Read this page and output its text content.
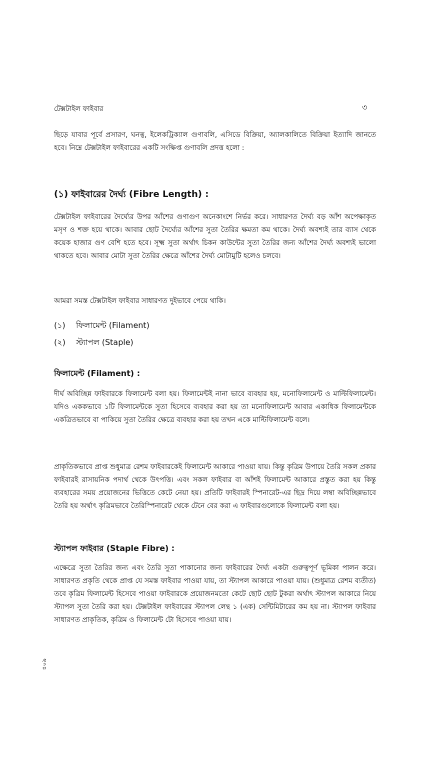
টেক্সটাইল ফাইবার	৩
ছিড়ে যাবার পূর্বে প্রসারণ, ঘনত্ব, ইলেকট্রিক্যাল গুণাবলি, এসিডে বিক্রিয়া, অ্যালকালিতে বিক্রিয়া ইত্যাদি জানতে হবে। নিম্নে টেক্সটাইল ফাইবারের একটি সংক্ষিপ্ত গুণাবলি প্রদত্ত হলো :
(১) ফাইবারের দৈর্ঘ্য (Fibre Length) :
টেক্সটাইল ফাইবারের দৈর্ঘ্যের উপর আঁশের গুণাগুণ অনেকাংশে নির্ভর করে। সাধারণত দৈর্ঘ্য বড় আঁশ অপেক্ষাকৃত মসৃণ ও শক্ত হয়ে থাকে। আবার ছোট দৈর্ঘ্যের আঁশের সুতা তৈরির ক্ষমতা কম থাকে। দৈর্ঘ্য অবশ্যই তার ব্যাস থেকে কয়েক হাজার গুণ বেশি হতে হবে। সূক্ষ্ম সুতা অর্থাৎ চিকন কাউন্টের সুতা তৈরির জন্য আঁশের দৈর্ঘ্য অবশ্যই ভালো থাকতে হবে। আবার মোটা সুতা তৈরির ক্ষেত্রে আঁশের দৈর্ঘ্য মোটামুটি হলেও চলবে।
আমরা সমস্ত টেক্সটাইল ফাইবার সাধারণত দুইভাবে পেয়ে থাকি।
(১) ফিলামেন্ট (Filament)
(২) স্ট্যাপল (Staple)
ফিলামেন্ট (Filament) :
দীর্ঘ অবিচ্ছিন্ন ফাইবারকে ফিলামেন্ট বলা হয়। ফিলামেন্টই নানা ভাবে ব্যবহার হয়, মনোফিলামেন্ট ও মাল্টিফিলামেন্ট। যদিও এককভাবে ১টি ফিলামেন্টকে সুতা হিসেবে ব্যবহার করা হয় তা মনোফিলামেন্ট আবার একাধিক ফিলামেন্টকে একত্রিতভাবে বা পাকিয়ে সুতা তৈরির ক্ষেত্রে ব্যবহার করা হয় তখন একে মাল্টিফিলামেন্ট বলে।
প্রাকৃতিকভাবে প্রাপ্ত শুধুমাত্র রেশম ফাইবারকেই ফিলামেন্ট আকারে পাওয়া যায়। কিন্তু কৃত্রিম উপায়ে তৈরি সকল প্রকার ফাইবারই রাসায়নিক পদার্থ থেকে উৎপত্তি। এবং সকল ফাইবার বা আঁশই ফিলামেন্ট আকারে প্রস্তুত করা হয় কিন্তু ব্যবহারের সময় প্রয়োজনের ভিত্তিতে কেটে নেয়া হয়। প্রতিটি ফাইবারই স্পিনারেট-এর ছিদ্র দিয়ে লম্বা অবিচ্ছিন্নভাবে তৈরি হয় অর্থাৎ কৃত্রিমভাবে তৈরিস্পিনারেট থেকে টেনে বের করা এ ফাইবারগুলোকে ফিলামেন্ট বলা হয়।
স্ট্যাপল ফাইবার (Staple Fibre) :
এক্ষেত্রে সুতা তৈরির জন্য এবং তৈরি সুতা পাকানোর জন্য ফাইবারের দৈর্ঘ্য একটা গুরুত্বপূর্ণ ভূমিকা পালন করে। সাধারণত প্রকৃতি থেকে প্রাপ্ত যে সমস্ত ফাইবার পাওয়া যায়, তা স্ট্যাপল আকারে পাওয়া যায়। (শুধুমাত্র রেশম ব্যতীত) তবে কৃত্রিম ফিলামেন্ট হিসেবে পাওয়া ফাইবারকে প্রয়োজনমতো কেটে ছোট ছোট টুকরা অর্থাৎ স্ট্যাপল আকারে নিয়ে স্ট্যাপল সুতা তৈরি করা হয়। টেক্সটাইল ফাইবারের স্ট্যাপল লেন্থ ১ (এক) সেন্টিমিটারের কম হয় না। স্ট্যাপল ফাইবার সাধারণত প্রাকৃতিক, কৃত্রিম ও ফিলামেন্ট টো হিসেবে পাওয়া যায়।
৪০৯
